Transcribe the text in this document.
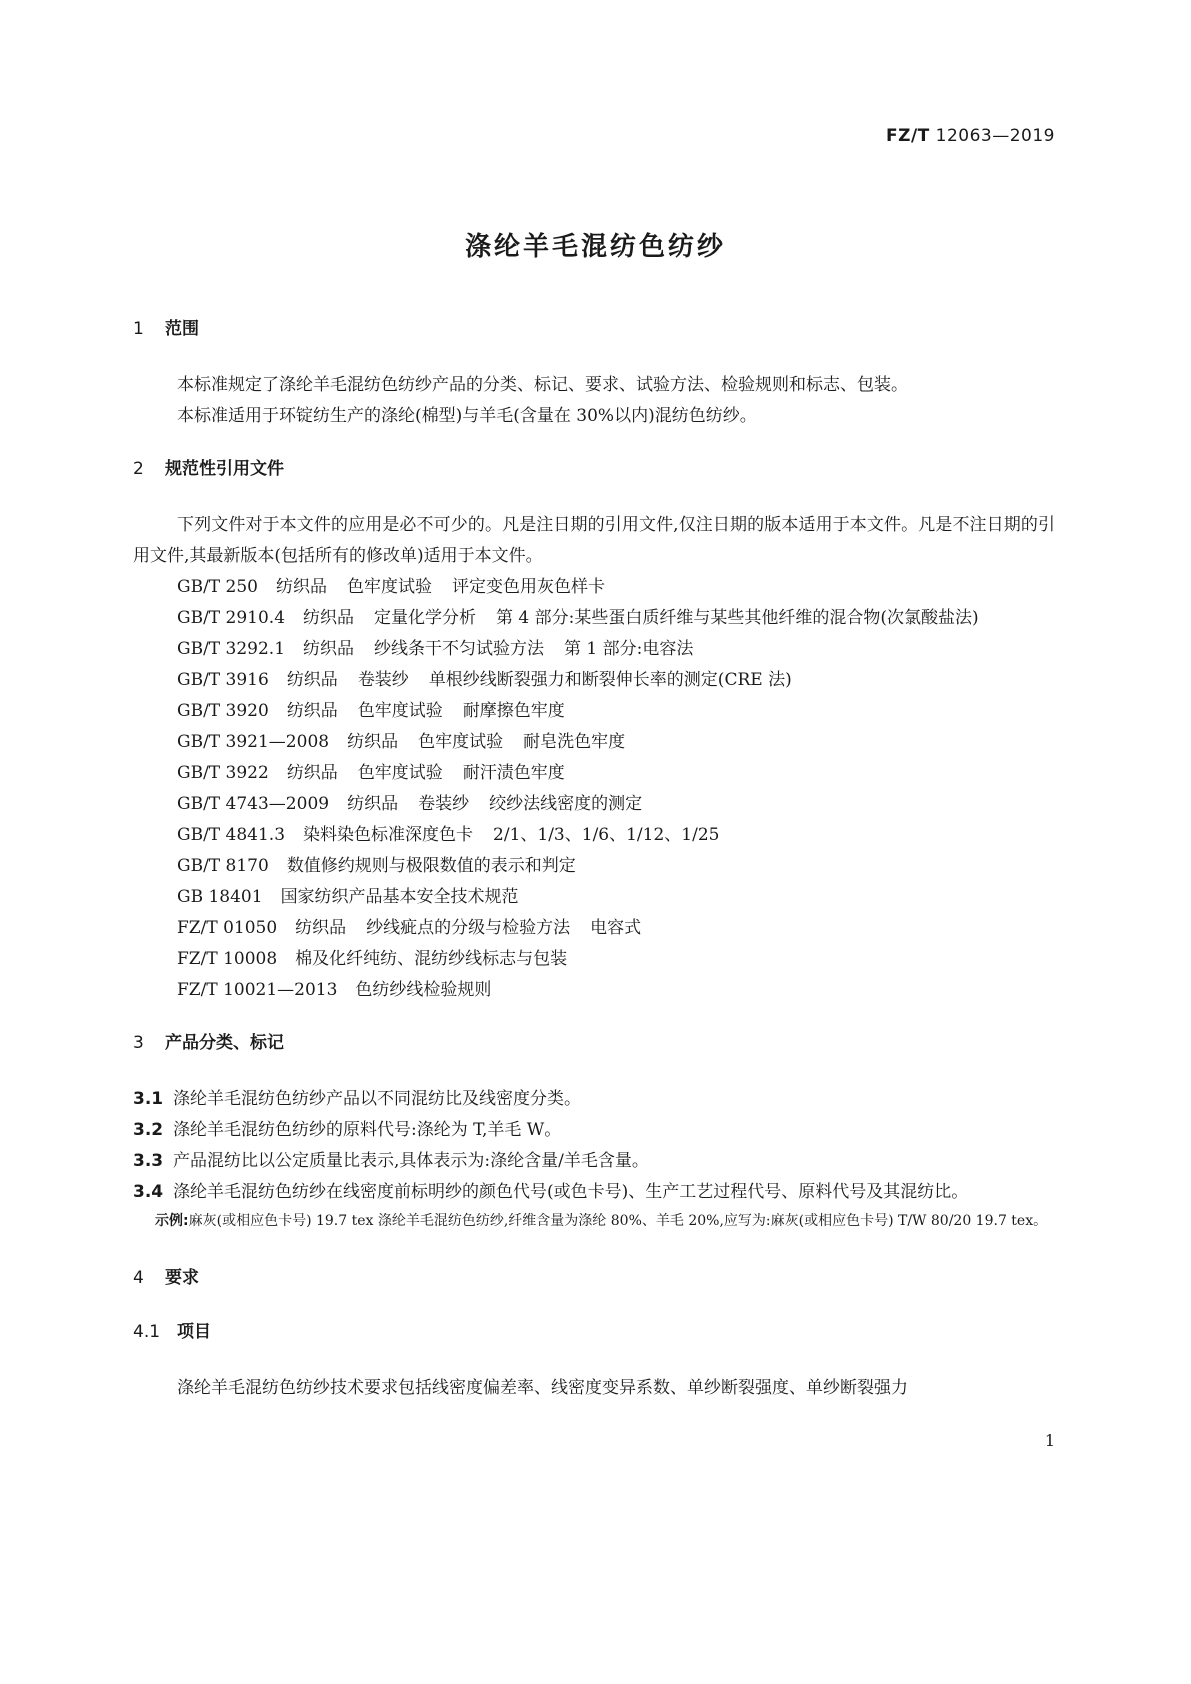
FZ/T 12063—2019
涤纶羊毛混纺色纺纱
1 范围
本标准规定了涤纶羊毛混纺色纺纱产品的分类、标记、要求、试验方法、检验规则和标志、包装。
本标准适用于环锭纺生产的涤纶(棉型)与羊毛(含量在 30%以内)混纺色纺纱。
2 规范性引用文件
下列文件对于本文件的应用是必不可少的。凡是注日期的引用文件,仅注日期的版本适用于本文件。凡是不注日期的引用文件,其最新版本(包括所有的修改单)适用于本文件。
GB/T 250 纺织品 色牢度试验 评定变色用灰色样卡
GB/T 2910.4 纺织品 定量化学分析 第 4 部分:某些蛋白质纤维与某些其他纤维的混合物(次氯酸盐法)
GB/T 3292.1 纺织品 纱线条干不匀试验方法 第 1 部分:电容法
GB/T 3916 纺织品 卷装纱 单根纱线断裂强力和断裂伸长率的测定(CRE 法)
GB/T 3920 纺织品 色牢度试验 耐摩擦色牢度
GB/T 3921—2008 纺织品 色牢度试验 耐皂洗色牢度
GB/T 3922 纺织品 色牢度试验 耐汗渍色牢度
GB/T 4743—2009 纺织品 卷装纱 绞纱法线密度的测定
GB/T 4841.3 染料染色标准深度色卡 2/1、1/3、1/6、1/12、1/25
GB/T 8170 数值修约规则与极限数值的表示和判定
GB 18401 国家纺织产品基本安全技术规范
FZ/T 01050 纺织品 纱线疵点的分级与检验方法 电容式
FZ/T 10008 棉及化纤纯纺、混纺纱线标志与包装
FZ/T 10021—2013 色纺纱线检验规则
3 产品分类、标记
3.1 涤纶羊毛混纺色纺纱产品以不同混纺比及线密度分类。
3.2 涤纶羊毛混纺色纺纱的原料代号:涤纶为 T,羊毛 W。
3.3 产品混纺比以公定质量比表示,具体表示为:涤纶含量/羊毛含量。
3.4 涤纶羊毛混纺色纺纱在线密度前标明纱的颜色代号(或色卡号)、生产工艺过程代号、原料代号及其混纺比。
示例:麻灰(或相应色卡号) 19.7 tex 涤纶羊毛混纺色纺纱,纤维含量为涤纶 80%、羊毛 20%,应写为:麻灰(或相应色卡号) T/W 80/20 19.7 tex。
4 要求
4.1 项目
涤纶羊毛混纺色纺纱技术要求包括线密度偏差率、线密度变异系数、单纱断裂强度、单纱断裂强力
1
